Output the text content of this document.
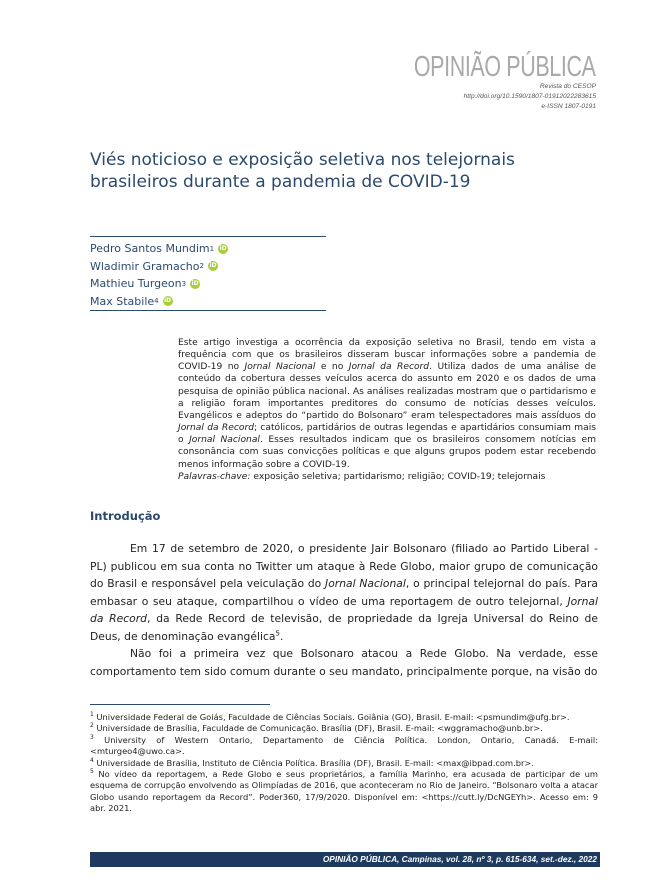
OPINIÃO PÚBLICA
Revista do CESOP
http://doi.org/10.1590/1807-01912022283615
e-ISSN 1807-0191
Viés noticioso e exposição seletiva nos telejornais brasileiros durante a pandemia de COVID-19
Pedro Santos Mundim 1 iD
Wladimir Gramacho 2 iD
Mathieu Turgeon 3 iD
Max Stabile 4 iD

Este artigo investiga a ocorrência da exposição seletiva no Brasil, tendo em vista a frequência com que os brasileiros disseram buscar informações sobre a pandemia de COVID-19 no Jornal Nacional e no Jornal da Record. Utiliza dados de uma análise de conteúdo da cobertura desses veículos acerca do assunto em 2020 e os dados de uma pesquisa de opinião pública nacional. As análises realizadas mostram que o partidarismo e a religião foram importantes preditores do consumo de notícias desses veículos. Evangélicos e adeptos do “partido do Bolsonaro” eram telespectadores mais assíduos do Jornal da Record; católicos, partidários de outras legendas e apartidários consumiam mais o Jornal Nacional. Esses resultados indicam que os brasileiros consomem notícias em consonância com suas convicções políticas e que alguns grupos podem estar recebendo menos informação sobre a COVID-19.

Palavras-chave: exposição seletiva; partidarismo; religião; COVID-19; telejornais

Introdução

Em 17 de setembro de 2020, o presidente Jair Bolsonaro (filiado ao Partido Liberal - PL) publicou em sua conta no Twitter um ataque à Rede Globo, maior grupo de comunicação do Brasil e responsável pela veiculação do Jornal Nacional, o principal telejornal do país. Para embasar o seu ataque, compartilhou o vídeo de uma reportagem de outro telejornal, Jornal da Record, da Rede Record de televisão, de propriedade da Igreja Universal do Reino de Deus, de denominação evangélica$^5$.

Não foi a primeira vez que Bolsonaro atacou a Rede Globo. Na verdade, esse comportamento tem sido comum durante o seu mandato, principalmente porque, na visão do

$^1$ Universidade Federal de Goiás, Faculdade de Ciências Sociais. Goiânia (GO), Brasil. E-mail: <psmundim@ufg.br>.

$^2$ Universidade de Brasília, Faculdade de Comunicação. Brasília (DF), Brasil. E-mail: <wggramacho@unb.br>.

$^3$ University of Western Ontario, Departamento de Ciência Política. London, Ontario, Canadá. E-mail: <mturgeo4@uwo.ca>.

$^4$ Universidade de Brasília, Instituto de Ciência Política. Brasília (DF), Brasil. E-mail: <max@ibpad.com.br>.

$^5$ No vídeo da reportagem, a Rede Globo e seus proprietários, a família Marinho, era acusada de participar de um esquema de corrupção envolvendo as Olimpíadas de 2016, que aconteceram no Rio de Janeiro. “Bolsonaro volta a atacar Globo usando reportagem da Record”. Poder360, 17/9/2020. Disponível em: <https://cutt.ly/DcNGEYh>. Acesso em: 9 abr. 2021.

OPINIÃO PÚBLICA, Campinas, vol. 28, nº 3, p. 615-634, set.-dez., 2022
